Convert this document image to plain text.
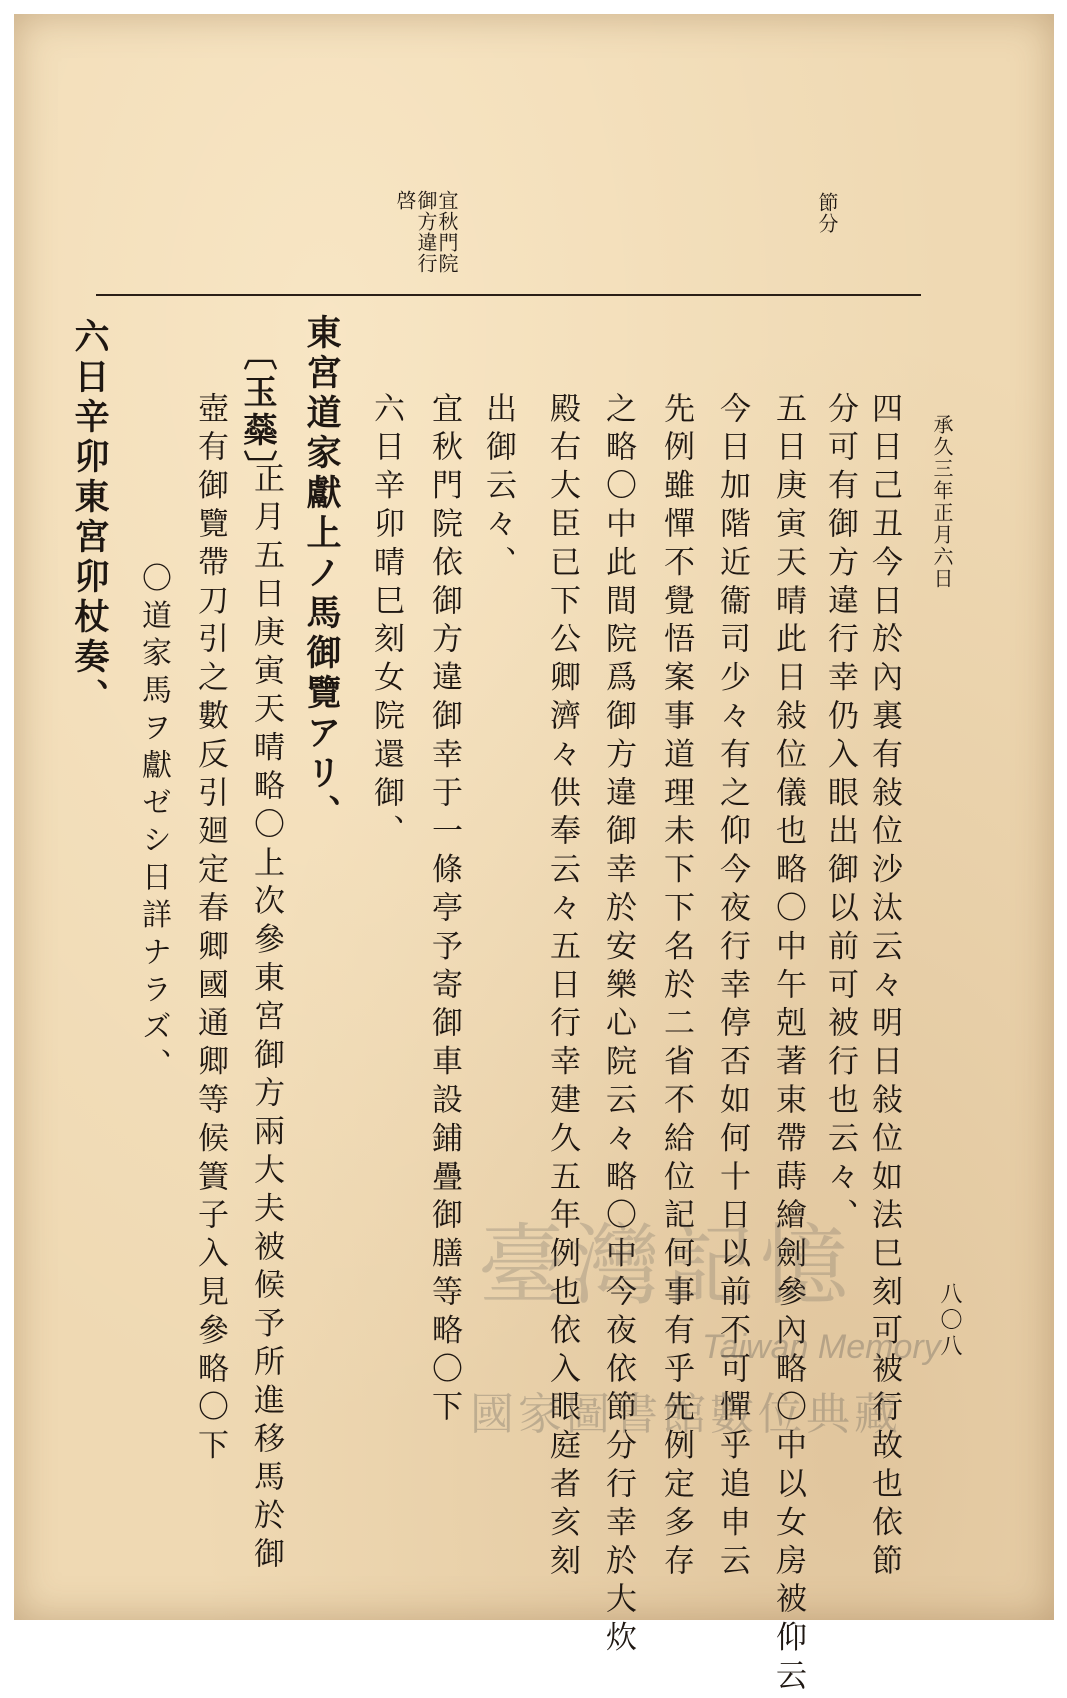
節分
宜秋門院
御方違行
啓
承久三年正月六日
四日己丑今日於內裏有敍位沙汰云々明日敍位如法巳刻可被行故也依節
分可有御方違行幸仍入眼出御以前可被行也云々、
五日庚寅天晴此日敍位儀也略〇中午剋著束帶蒔繪劍參內略〇中以女房被仰云
今日加階近衞司少々有之仰今夜行幸停否如何十日以前不可憚乎追申云
先例雖憚不覺悟案事道理未下下名於二省不給位記何事有乎先例定多存
之略〇中此間院爲御方違御幸於安樂心院云々略〇中今夜依節分行幸於大炊
殿右大臣已下公卿濟々供奉云々五日行幸建久五年例也依入眼庭者亥刻
出御云々、
宜秋門院依御方違御幸于一條亭予寄御車設鋪疊御膳等略〇下
六日辛卯晴巳刻女院還御、
東宮道家獻上ノ馬御覽アリ、
〔玉蘂〕
正月五日庚寅天晴略〇上次參東宮御方兩大夫被候予所進移馬於御
壺有御覽帶刀引之數反引廻定春卿國通卿等候簀子入見參略〇下
〇道家馬ヲ獻ゼシ日詳ナラズ、
六日辛卯東宮卯杖奏、
八〇八
臺灣記憶
Taiwan Memory
國家圖書館數位典藏
